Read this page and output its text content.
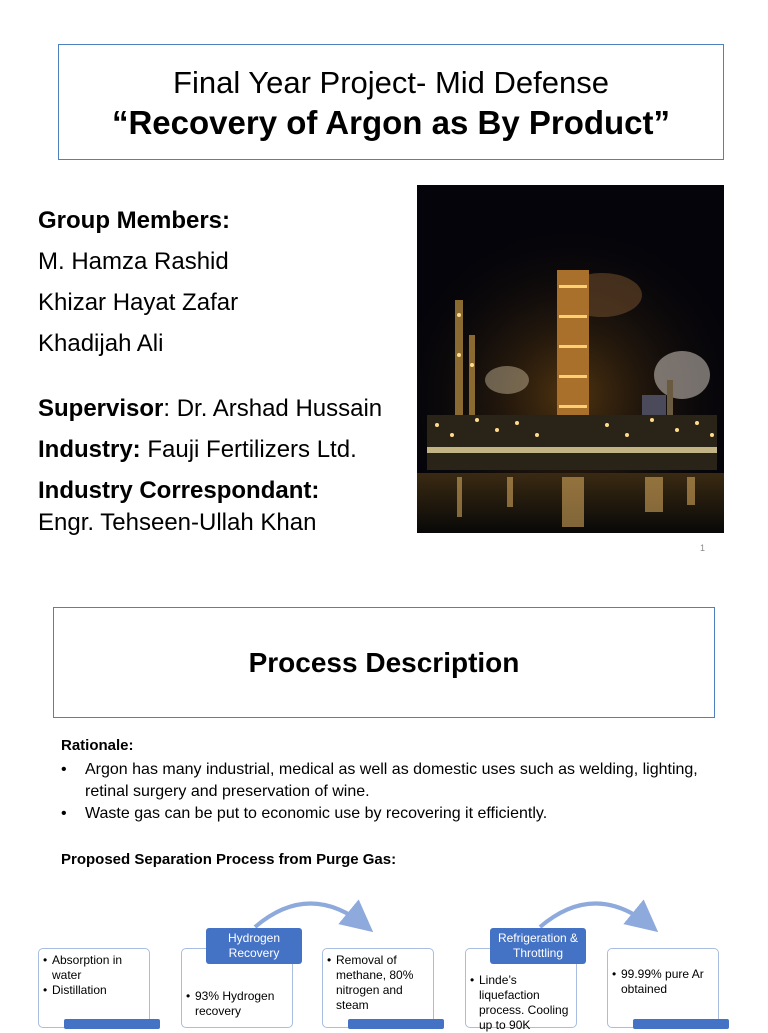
Final Year Project- Mid Defense
“Recovery of Argon as By Product”
Group Members:
M. Hamza Rashid
Khizar Hayat Zafar
Khadijah Ali
Supervisor: Dr. Arshad Hussain
Industry: Fauji Fertilizers Ltd.
Industry Correspondant:
Engr. Tehseen-Ullah Khan
1
Process Description
Rationale:
• Argon has many industrial, medical as well as domestic uses such as welding, lighting, retinal surgery and preservation of wine.
• Waste gas can be put to economic use by recovering it efficiently.
Proposed Separation Process from Purge Gas:
• Absorption in water
• Distillation	• 93% Hydrogen recovery
Hydrogen Recovery	• Removal of methane, 80% nitrogen and steam
• Linde’s liquefaction process. Cooling up to 90K
Refrigeration & Throttling
• 99.99% pure Ar obtained
